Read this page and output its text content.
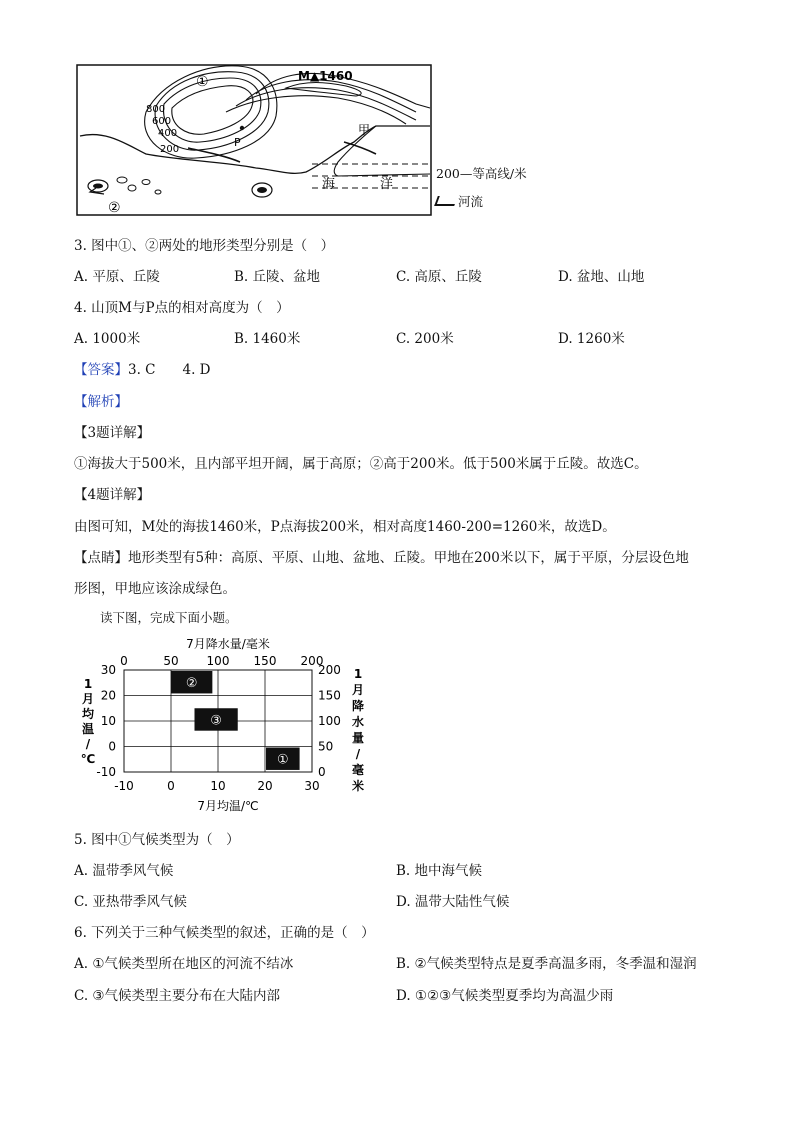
①	M▲1460
800
600
400
200
P
甲
海	洋
②
200—等高线/米
河流
3. 图中①、②两处的地形类型分别是（　）
A. 平原、丘陵	B. 丘陵、盆地	C. 高原、丘陵	D. 盆地、山地
4. 山顶M与P点的相对高度为（　）
A. 1000米	B. 1460米	C. 200米	D. 1260米
【答案】3. C　　4. D
【解析】
【3题详解】
①海拔大于500米，且内部平坦开阔，属于高原；②高于200米。低于500米属于丘陵。故选C。
【4题详解】
由图可知，M处的海拔1460米，P点海拔200米，相对高度1460-200=1260米，故选D。
【点睛】地形类型有5种：高原、平原、山地、盆地、丘陵。甲地在200米以下，属于平原，分层设色地
形图，甲地应该涂成绿色。
读下图，完成下面小题。
7月降水量/毫米
0	50 100 150 200
-10	0	10	20	30
7月均温/℃
30
20
10
0
-10
200
150
100
50
0
1
月
均
温
/
℃
1
月
降
水
量
/
毫
米
①
②
③
5. 图中①气候类型为（　）
A. 温带季风气候	B. 地中海气候
C. 亚热带季风气候	D. 温带大陆性气候
6. 下列关于三种气候类型的叙述，正确的是（　）
A. ①气候类型所在地区的河流不结冰	B. ②气候类型特点是夏季高温多雨，冬季温和湿润
C. ③气候类型主要分布在大陆内部	D. ①②③气候类型夏季均为高温少雨
